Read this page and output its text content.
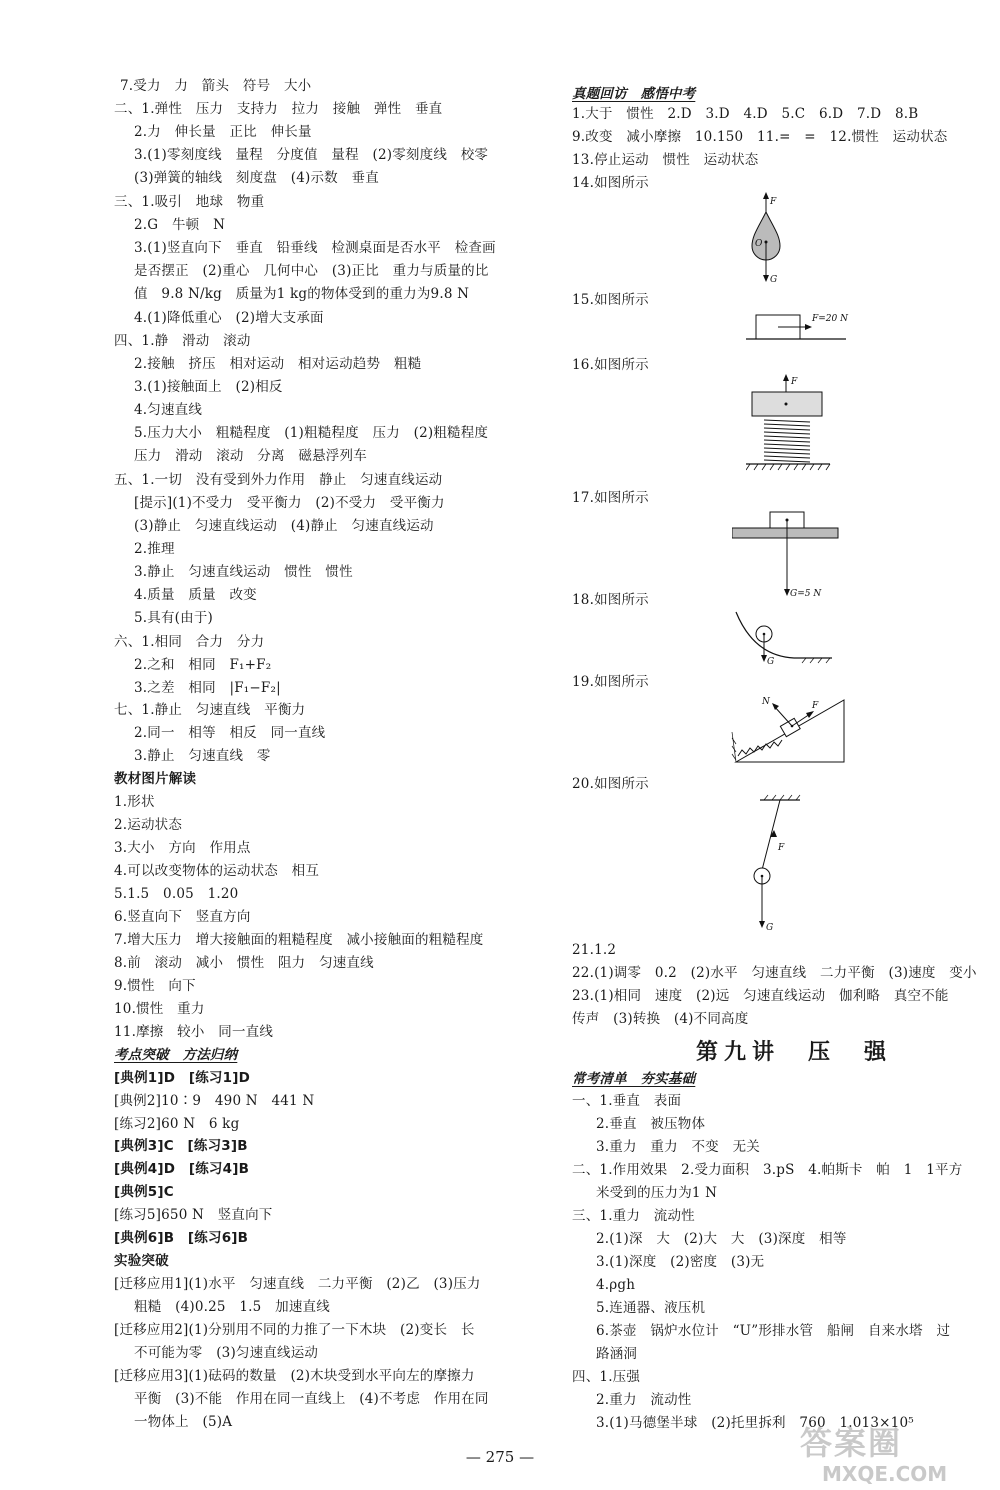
7.受力　力　箭头　符号　大小
二、1.弹性　压力　支持力　拉力　接触　弹性　垂直
2.力　伸长量　正比　伸长量
3.(1)零刻度线　量程　分度值　量程　(2)零刻度线　校零
(3)弹簧的轴线　刻度盘　(4)示数　垂直
三、1.吸引　地球　物重
2.G　牛顿　N
3.(1)竖直向下　垂直　铅垂线　检测桌面是否水平　检查画
是否摆正　(2)重心　几何中心　(3)正比　重力与质量的比
值　9.8 N/kg　质量为1 kg的物体受到的重力为9.8 N
4.(1)降低重心　(2)增大支承面
四、1.静　滑动　滚动
2.接触　挤压　相对运动　相对运动趋势　粗糙
3.(1)接触面上　(2)相反
4.匀速直线
5.压力大小　粗糙程度　(1)粗糙程度　压力　(2)粗糙程度
压力　滑动　滚动　分离　磁悬浮列车
五、1.一切　没有受到外力作用　静止　匀速直线运动
[提示](1)不受力　受平衡力　(2)不受力　受平衡力
(3)静止　匀速直线运动　(4)静止　匀速直线运动
2.推理
3.静止　匀速直线运动　惯性　惯性
4.质量　质量　改变
5.具有(由于)
六、1.相同　合力　分力
2.之和　相同　F₁+F₂
3.之差　相同　|F₁−F₂|
七、1.静止　匀速直线　平衡力
2.同一　相等　相反　同一直线
3.静止　匀速直线　零
教材图片解读
1.形状
2.运动状态
3.大小　方向　作用点
4.可以改变物体的运动状态　相互
5.1.5　0.05　1.20
6.竖直向下　竖直方向
7.增大压力　增大接触面的粗糙程度　减小接触面的粗糙程度
8.前　滚动　减小　惯性　阻力　匀速直线
9.惯性　向下
10.惯性　重力
11.摩擦　较小　同一直线
考点突破　方法归纳
[典例1]D　[练习1]D
[典例2]10∶9　490 N　441 N
[练习2]60 N　6 kg
[典例3]C　[练习3]B
[典例4]D　[练习4]B
[典例5]C
[练习5]650 N　竖直向下
[典例6]B　[练习6]B
实验突破
[迁移应用1](1)水平　匀速直线　二力平衡　(2)乙　(3)压力
粗糙　(4)0.25　1.5　加速直线
[迁移应用2](1)分别用不同的力推了一下木块　(2)变长　长
不可能为零　(3)匀速直线运动
[迁移应用3](1)砝码的数量　(2)木块受到水平向左的摩擦力
平衡　(3)不能　作用在同一直线上　(4)不考虑　作用在同
一物体上　(5)A
真题回访　感悟中考
1.大于　惯性　2.D　3.D　4.D　5.C　6.D　7.D　8.B
9.改变　减小摩擦　10.150　11.=　=　12.惯性　运动状态
13.停止运动　惯性　运动状态
14.如图所示
15.如图所示
16.如图所示
17.如图所示
18.如图所示
19.如图所示
20.如图所示
21.1.2
22.(1)调零　0.2　(2)水平　匀速直线　二力平衡　(3)速度　变小
23.(1)相同　速度　(2)远　匀速直线运动　伽利略　真空不能
传声　(3)转换　(4)不同高度
常考清单　夯实基础
一、1.垂直　表面
2.垂直　被压物体
3.重力　重力　不变　无关
二、1.作用效果　2.受力面积　3.pS　4.帕斯卡　帕　1　1平方
米受到的压力为1 N
三、1.重力　流动性
2.(1)深　大　(2)大　大　(3)深度　相等
3.(1)深度　(2)密度　(3)无
4.ρgh
5.连通器、液压机
6.茶壶　锅炉水位计　“U”形排水管　船闸　自来水塔　过
路涵洞
四、1.压强
2.重力　流动性
3.(1)马德堡半球　(2)托里拆利　760　1.013×10⁵
第九讲　压　强
F
O
G
F=20 N
F
G=5 N
G
N	F
F
G
— 275 —	答案圈
MXQE.COM
